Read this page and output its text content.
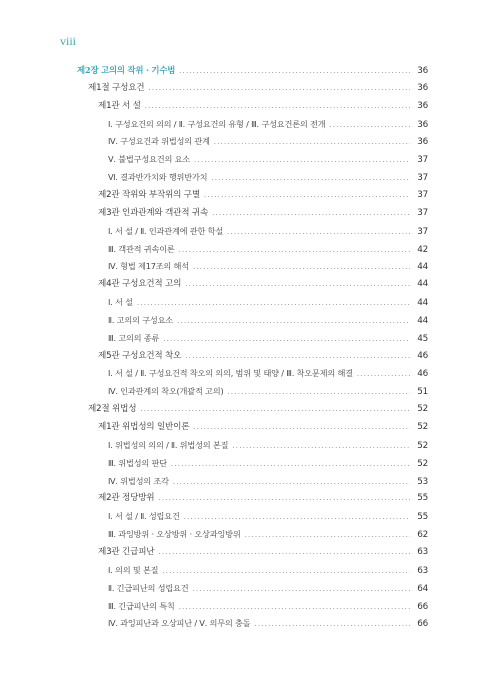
viii
제2장 고의의 작위 · 기수범 .....	36
제1절 구성요건 .....	36
제1관 서 설 .....	36
Ⅰ. 구성요건의 의의 / Ⅱ. 구성요건의 유형 / Ⅲ. 구성요건론의 전개 .....	36
Ⅳ. 구성요건과 위법성의 관계 .....	36
Ⅴ. 불법구성요건의 요소 .....	37
Ⅵ. 결과반가치와 행위반가치 .....	37
제2관 작위와 부작위의 구별 .....	37
제3관 인과관계와 객관적 귀속 .....	37
Ⅰ. 서 설 / Ⅱ. 인과관계에 관한 학설 .....	37
Ⅲ. 객관적 귀속이론 .....	42
Ⅳ. 형법 제17조의 해석 .....	44
제4관 구성요건적 고의 .....	44
Ⅰ. 서 설 .....	44
Ⅱ. 고의의 구성요소 .....	44
Ⅲ. 고의의 종류 .....	45
제5관 구성요건적 착오 .....	46
Ⅰ. 서 설 / Ⅱ. 구성요건적 착오의 의의, 범위 및 태양 / Ⅲ. 착오문제의 해결 .....	46
Ⅳ. 인과관계의 착오(개괄적 고의) .....	51
제2절 위법성 .....	52
제1관 위법성의 일반이론 .....	52
Ⅰ. 위법성의 의의 / Ⅱ. 위법성의 본질 .....	52
Ⅲ. 위법성의 판단 .....	52
Ⅳ. 위법성의 조각 .....	53
제2관 정당방위 .....	55
Ⅰ. 서 설 / Ⅱ. 성립요건 .....	55
Ⅲ. 과잉방위 · 오상방위 · 오상과잉방위 .....	62
제3관 긴급피난 .....	63
Ⅰ. 의의 및 본질 .....	63
Ⅱ. 긴급피난의 성립요건 .....	64
Ⅲ. 긴급피난의 특칙 .....	66
Ⅳ. 과잉피난과 오상피난 / Ⅴ. 의무의 충돌 .....	66
